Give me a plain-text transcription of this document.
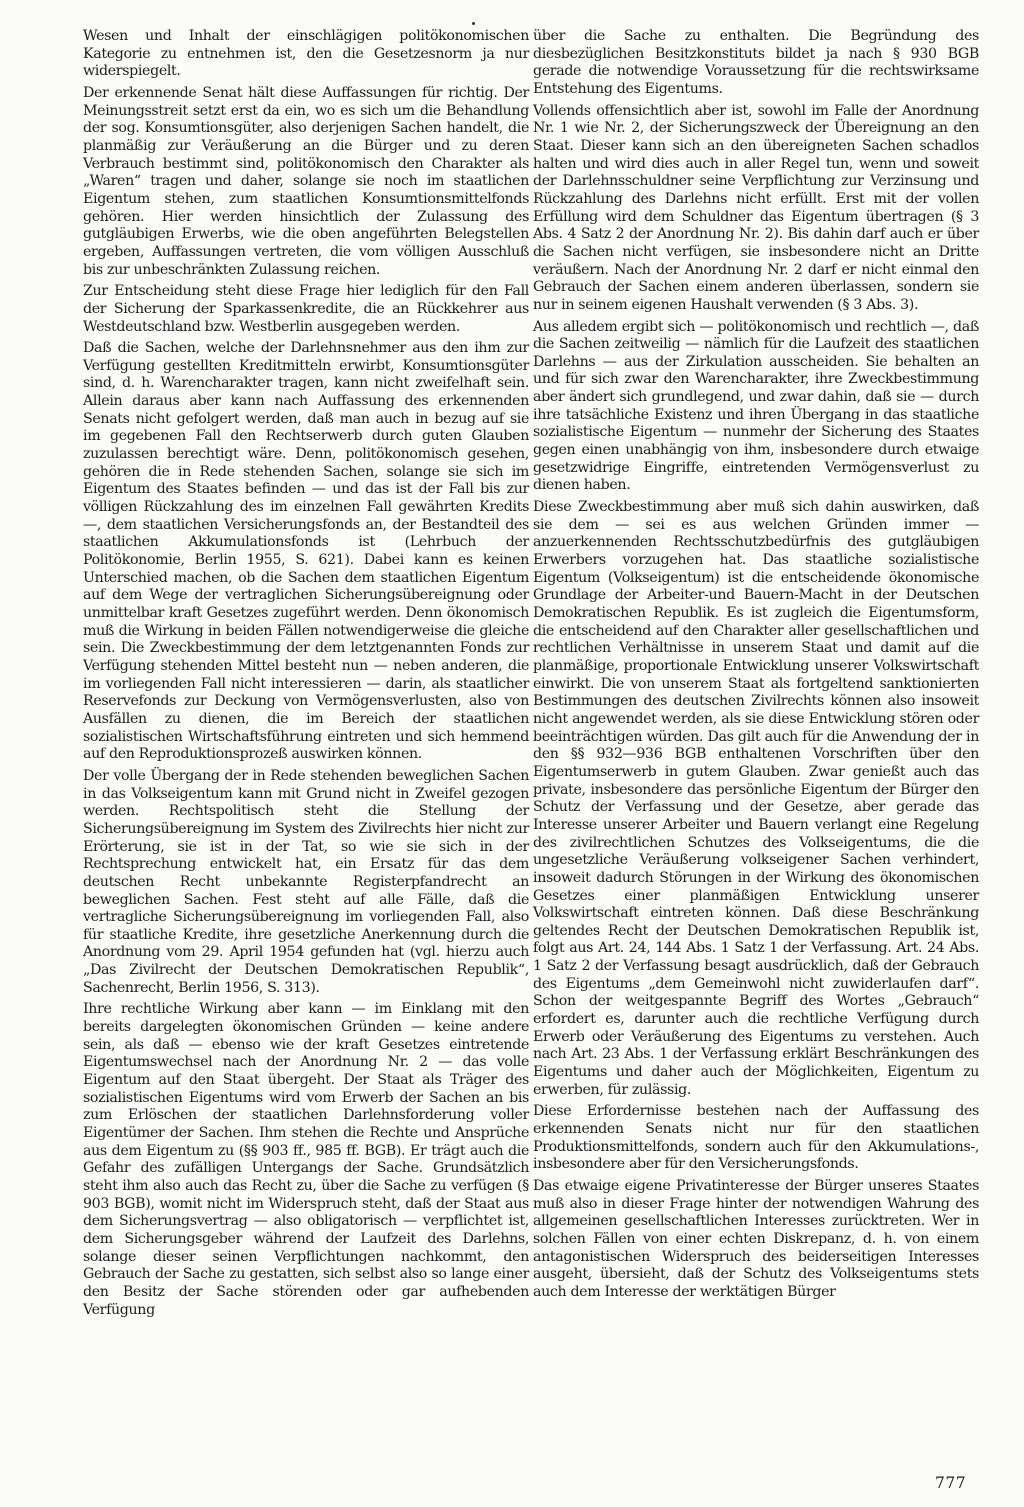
Wesen und Inhalt der einschlägigen politökonomischen Kategorie zu entnehmen ist, den die Gesetzesnorm ja nur widerspiegelt.

Der erkennende Senat hält diese Auffassungen für richtig. Der Meinungsstreit setzt erst da ein, wo es sich um die Behandlung der sog. Konsumtionsgüter, also derjenigen Sachen handelt, die planmäßig zur Veräußerung an die Bürger und zu deren Verbrauch bestimmt sind, politökonomisch den Charakter als „Waren“ tragen und daher, solange sie noch im staatlichen Eigentum stehen, zum staatlichen Konsumtionsmittelfonds gehören. Hier werden hinsichtlich der Zulassung des gutgläubigen Erwerbs, wie die oben angeführten Belegstellen ergeben, Auffassungen vertreten, die vom völligen Ausschluß bis zur unbeschränkten Zulassung reichen.

Zur Entscheidung steht diese Frage hier lediglich für den Fall der Sicherung der Sparkassenkredite, die an Rückkehrer aus Westdeutschland bzw. Westberlin ausgegeben werden.

Daß die Sachen, welche der Darlehnsnehmer aus den ihm zur Verfügung gestellten Kreditmitteln erwirbt, Konsumtionsgüter sind, d. h. Warencharakter tragen, kann nicht zweifelhaft sein. Allein daraus aber kann nach Auffassung des erkennenden Senats nicht gefolgert werden, daß man auch in bezug auf sie im gegebenen Fall den Rechtserwerb durch guten Glauben zuzulassen berechtigt wäre. Denn, politökonomisch gesehen, gehören die in Rede stehenden Sachen, solange sie sich im Eigentum des Staates befinden — und das ist der Fall bis zur völligen Rückzahlung des im einzelnen Fall gewährten Kredits —, dem staatlichen Versicherungsfonds an, der Bestandteil des staatlichen Akkumulationsfonds ist (Lehrbuch der Politökonomie, Berlin 1955, S. 621). Dabei kann es keinen Unterschied machen, ob die Sachen dem staatlichen Eigentum auf dem Wege der vertraglichen Sicherungsübereignung oder unmittelbar kraft Gesetzes zugeführt werden. Denn ökonomisch muß die Wirkung in beiden Fällen notwendigerweise die gleiche sein. Die Zweckbestimmung der dem letztgenannten Fonds zur Verfügung stehenden Mittel besteht nun — neben anderen, die im vorliegenden Fall nicht interessieren — darin, als staatlicher Reservefonds zur Deckung von Vermögensverlusten, also von Ausfällen zu dienen, die im Bereich der staatlichen sozialistischen Wirtschaftsführung eintreten und sich hemmend auf den Reproduktionsprozeß auswirken können.

Der volle Übergang der in Rede stehenden beweglichen Sachen in das Volkseigentum kann mit Grund nicht in Zweifel gezogen werden. Rechtspolitisch steht die Stellung der Sicherungsübereignung im System des Zivilrechts hier nicht zur Erörterung, sie ist in der Tat, so wie sie sich in der Rechtsprechung entwickelt hat, ein Ersatz für das dem deutschen Recht unbekannte Registerpfandrecht an beweglichen Sachen. Fest steht auf alle Fälle, daß die vertragliche Sicherungsübereignung im vorliegenden Fall, also für staatliche Kredite, ihre gesetzliche Anerkennung durch die Anordnung vom 29. April 1954 gefunden hat (vgl. hierzu auch „Das Zivilrecht der Deutschen Demokratischen Republik“, Sachenrecht, Berlin 1956, S. 313).

Ihre rechtliche Wirkung aber kann — im Einklang mit den bereits dargelegten ökonomischen Gründen — keine andere sein, als daß — ebenso wie der kraft Gesetzes eintretende Eigentumswechsel nach der Anordnung Nr. 2 — das volle Eigentum auf den Staat übergeht. Der Staat als Träger des sozialistischen Eigentums wird vom Erwerb der Sachen an bis zum Erlöschen der staatlichen Darlehnsforderung voller Eigentümer der Sachen. Ihm stehen die Rechte und Ansprüche aus dem Eigentum zu (§§ 903 ff., 985 ff. BGB). Er trägt auch die Gefahr des zufälligen Untergangs der Sache. Grundsätzlich steht ihm also auch das Recht zu, über die Sache zu verfügen (§ 903 BGB), womit nicht im Widerspruch steht, daß der Staat aus dem Sicherungsvertrag — also obligatorisch — verpflichtet ist, dem Sicherungsgeber während der Laufzeit des Darlehns, solange dieser seinen Verpflichtungen nachkommt, den Gebrauch der Sache zu gestatten, sich selbst also so lange einer den Besitz der Sache störenden oder gar aufhebenden Verfügung

über die Sache zu enthalten. Die Begründung des diesbezüglichen Besitzkonstituts bildet ja nach § 930 BGB gerade die notwendige Voraussetzung für die rechtswirksame Entstehung des Eigentums.

Vollends offensichtlich aber ist, sowohl im Falle der Anordnung Nr. 1 wie Nr. 2, der Sicherungszweck der Übereignung an den Staat. Dieser kann sich an den übereigneten Sachen schadlos halten und wird dies auch in aller Regel tun, wenn und soweit der Darlehnsschuldner seine Verpflichtung zur Verzinsung und Rückzahlung des Darlehns nicht erfüllt. Erst mit der vollen Erfüllung wird dem Schuldner das Eigentum übertragen (§ 3 Abs. 4 Satz 2 der Anordnung Nr. 2). Bis dahin darf auch er über die Sachen nicht verfügen, sie insbesondere nicht an Dritte veräußern. Nach der Anordnung Nr. 2 darf er nicht einmal den Gebrauch der Sachen einem anderen überlassen, sondern sie nur in seinem eigenen Haushalt verwenden (§ 3 Abs. 3).

Aus alledem ergibt sich — politökonomisch und rechtlich —, daß die Sachen zeitweilig — nämlich für die Laufzeit des staatlichen Darlehns — aus der Zirkulation ausscheiden. Sie behalten an und für sich zwar den Warencharakter, ihre Zweckbestimmung aber ändert sich grundlegend, und zwar dahin, daß sie — durch ihre tatsächliche Existenz und ihren Übergang in das staatliche sozialistische Eigentum — nunmehr der Sicherung des Staates gegen einen unabhängig von ihm, insbesondere durch etwaige gesetzwidrige Eingriffe, eintretenden Vermögensverlust zu dienen haben.

Diese Zweckbestimmung aber muß sich dahin auswirken, daß sie dem — sei es aus welchen Gründen immer — anzuerkennenden Rechtsschutzbedürfnis des gutgläubigen Erwerbers vorzugehen hat. Das staatliche sozialistische Eigentum (Volkseigentum) ist die entscheidende ökonomische Grundlage der Arbeiter-und Bauern-Macht in der Deutschen Demokratischen Republik. Es ist zugleich die Eigentumsform, die entscheidend auf den Charakter aller gesellschaftlichen und rechtlichen Verhältnisse in unserem Staat und damit auf die planmäßige, proportionale Entwicklung unserer Volkswirtschaft einwirkt. Die von unserem Staat als fortgeltend sanktionierten Bestimmungen des deutschen Zivilrechts können also insoweit nicht angewendet werden, als sie diese Entwicklung stören oder beeinträchtigen würden. Das gilt auch für die Anwendung der in den §§ 932—936 BGB enthaltenen Vorschriften über den Eigentumserwerb in gutem Glauben. Zwar genießt auch das private, insbesondere das persönliche Eigentum der Bürger den Schutz der Verfassung und der Gesetze, aber gerade das Interesse unserer Arbeiter und Bauern verlangt eine Regelung des zivilrechtlichen Schutzes des Volkseigentums, die die ungesetzliche Veräußerung volkseigener Sachen verhindert, insoweit dadurch Störungen in der Wirkung des ökonomischen Gesetzes einer planmäßigen Entwicklung unserer Volkswirtschaft eintreten können. Daß diese Beschränkung geltendes Recht der Deutschen Demokratischen Republik ist, folgt aus Art. 24, 144 Abs. 1 Satz 1 der Verfassung. Art. 24 Abs. 1 Satz 2 der Verfassung besagt ausdrücklich, daß der Gebrauch des Eigentums „dem Gemeinwohl nicht zuwiderlaufen darf“. Schon der weitgespannte Begriff des Wortes „Gebrauch“ erfordert es, darunter auch die rechtliche Verfügung durch Erwerb oder Veräußerung des Eigentums zu verstehen. Auch nach Art. 23 Abs. 1 der Verfassung erklärt Beschränkungen des Eigentums und daher auch der Möglichkeiten, Eigentum zu erwerben, für zulässig.

Diese Erfordernisse bestehen nach der Auffassung des erkennenden Senats nicht nur für den staatlichen Produktionsmittelfonds, sondern auch für den Akkumulations-, insbesondere aber für den Versicherungsfonds.

Das etwaige eigene Privatinteresse der Bürger unseres Staates muß also in dieser Frage hinter der notwendigen Wahrung des allgemeinen gesellschaftlichen Interesses zurücktreten. Wer in solchen Fällen von einer echten Diskrepanz, d. h. von einem antagonistischen Widerspruch des beiderseitigen Interesses ausgeht, übersieht, daß der Schutz des Volkseigentums stets auch dem Interesse der werktätigen Bürger

777
